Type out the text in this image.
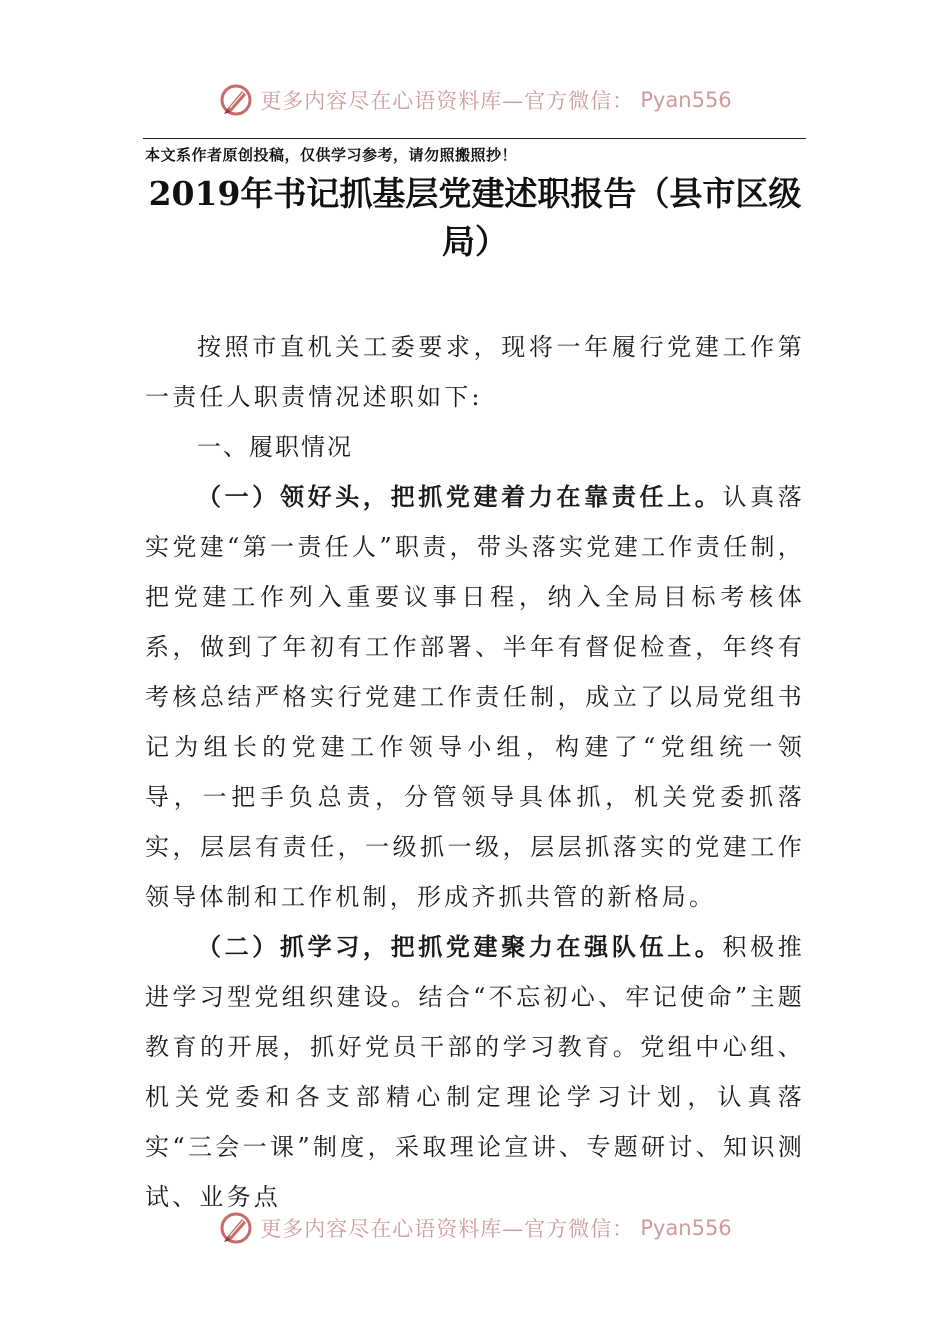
更多内容尽在心语资料库—官方微信： Pyan556
本文系作者原创投稿，仅供学习参考，请勿照搬照抄！
2019年书记抓基层党建述职报告（县市区级局）

按照市直机关工委要求，现将一年履行党建工作第一责任人职责情况述职如下:

一、履职情况

（一）领好头，把抓党建着力在靠责任上。认真落实党建“第一责任人”职责，带头落实党建工作责任制，把党建工作列入重要议事日程，纳入全局目标考核体系，做到了年初有工作部署、半年有督促检查，年终有考核总结严格实行党建工作责任制，成立了以局党组书记为组长的党建工作领导小组，构建了“党组统一领导，一把手负总责，分管领导具体抓，机关党委抓落实，层层有责任，一级抓一级，层层抓落实的党建工作领导体制和工作机制，形成齐抓共管的新格局。

（二）抓学习，把抓党建聚力在强队伍上。积极推进学习型党组织建设。结合“不忘初心、牢记使命”主题教育的开展，抓好党员干部的学习教育。党组中心组、机关党委和各支部精心制定理论学习计划，认真落实“三会一课”制度，采取理论宣讲、专题研讨、知识测试、业务点

更多内容尽在心语资料库—官方微信： Pyan556
